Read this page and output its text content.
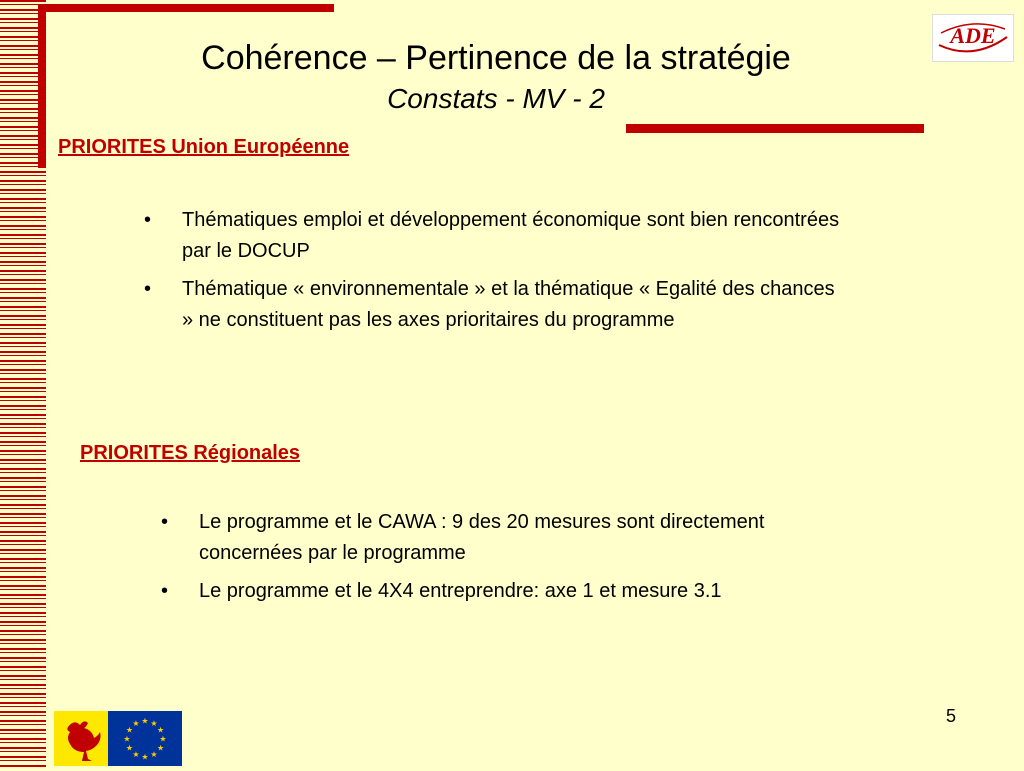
Cohérence – Pertinence de la stratégie
Constats - MV - 2
ADE
PRIORITES Union Européenne
• Thématiques emploi et développement économique sont bien rencontrées par le DOCUP
• Thématique « environnementale » et la thématique « Egalité des chances » ne constituent pas les axes prioritaires du programme
PRIORITES Régionales
• Le programme et le CAWA : 9 des 20 mesures sont directement concernées par le programme
• Le programme et le 4X4 entreprendre: axe 1 et mesure 3.1
5
★ ★
★
★
★
★
★
★
★
★
★
★
